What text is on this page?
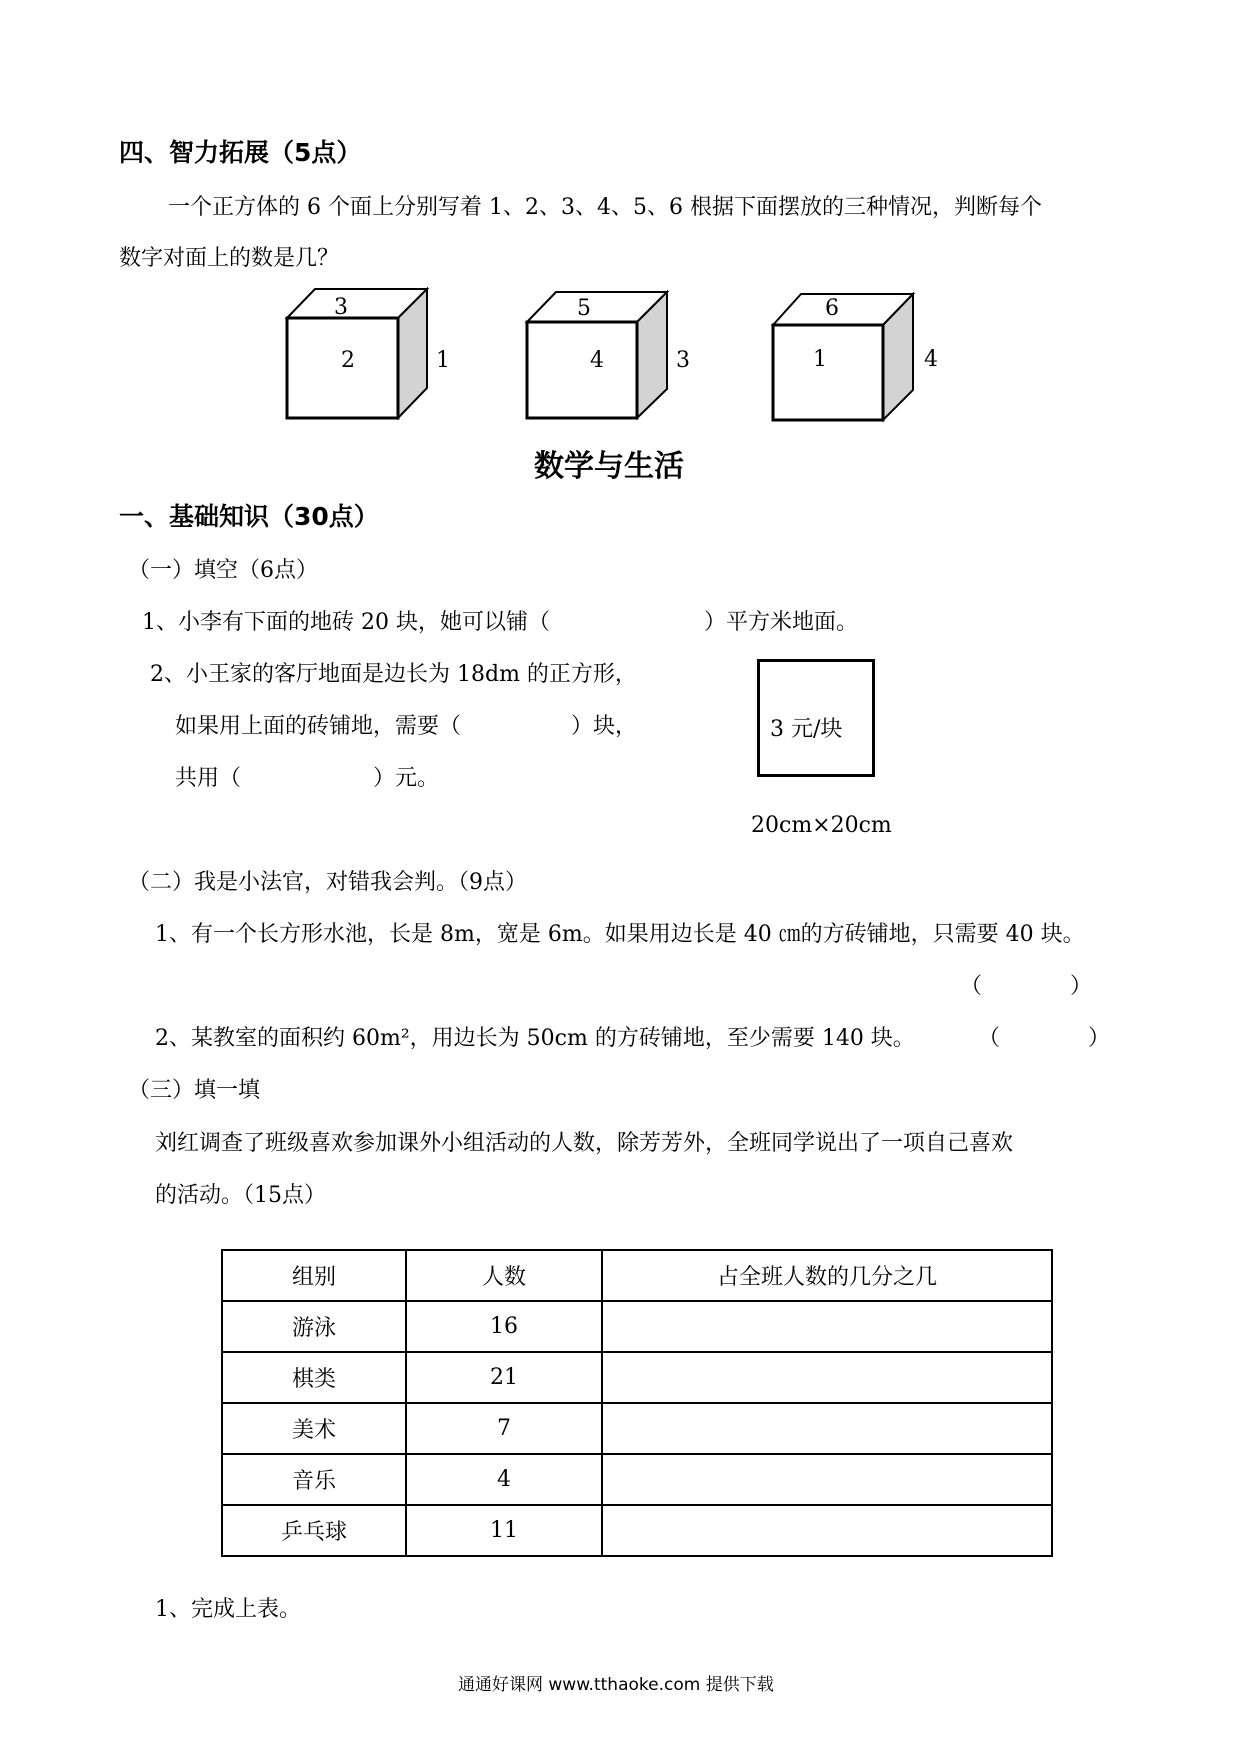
四、智力拓展（5点）
一个正方体的 6 个面上分别写着 1、2、3、4、5、6 根据下面摆放的三种情况，判断每个
数字对面上的数是几？
3
2	1
5
4	3
6
1	4
数学与生活
一、基础知识（30点）
（一）填空（6点）
1、小李有下面的地砖 20 块，她可以铺（　　　　　　　）平方米地面。
2、小王家的客厅地面是边长为 18dm 的正方形，
如果用上面的砖铺地，需要（　　　　　）块，
共用（　　　　　　）元。
3 元/块
20cm×20cm
（二）我是小法官，对错我会判。（9点）
1、有一个长方形水池，长是 8m，宽是 6m。如果用边长是 40 ㎝的方砖铺地，只需要 40 块。
（　　　　）
2、某教室的面积约 60m²，用边长为 50cm 的方砖铺地，至少需要 140 块。	（　　　　）
（三）填一填
刘红调查了班级喜欢参加课外小组活动的人数，除芳芳外，全班同学说出了一项自己喜欢
的活动。（15点）
组别	人数	占全班人数的几分之几
游泳	16	
棋类	21	
美术	7	
音乐	4	
乒乓球	11	
1、完成上表。
通通好课网 www.tthaoke.com 提供下载
